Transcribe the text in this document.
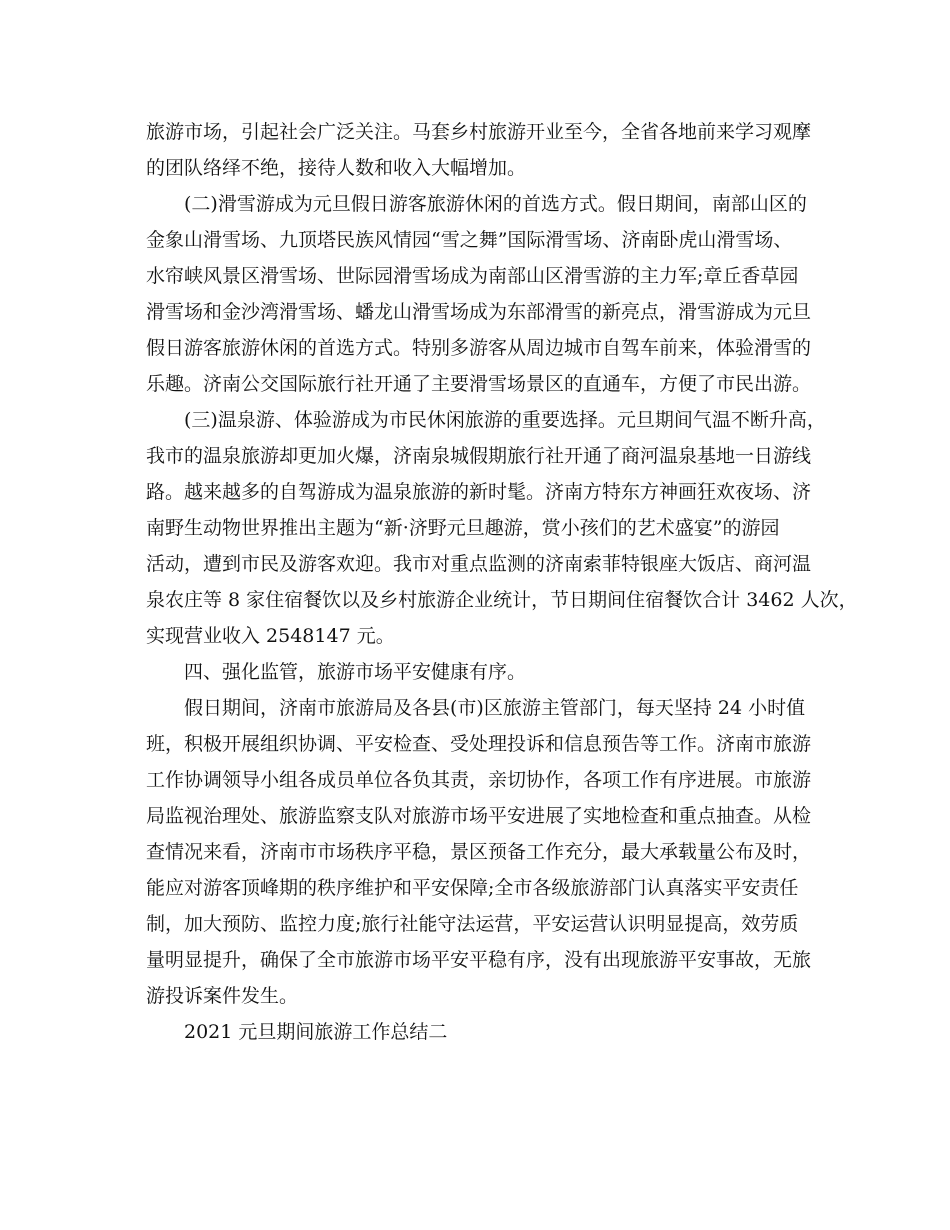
旅游市场，引起社会广泛关注。马套乡村旅游开业至今，全省各地前来学习观摩
的团队络绎不绝，接待人数和收入大幅增加。
(二)滑雪游成为元旦假日游客旅游休闲的首选方式。假日期间，南部山区的
金象山滑雪场、九顶塔民族风情园“雪之舞”国际滑雪场、济南卧虎山滑雪场、
水帘峡风景区滑雪场、世际园滑雪场成为南部山区滑雪游的主力军;章丘香草园
滑雪场和金沙湾滑雪场、蟠龙山滑雪场成为东部滑雪的新亮点，滑雪游成为元旦
假日游客旅游休闲的首选方式。特别多游客从周边城市自驾车前来，体验滑雪的
乐趣。济南公交国际旅行社开通了主要滑雪场景区的直通车，方便了市民出游。
(三)温泉游、体验游成为市民休闲旅游的重要选择。元旦期间气温不断升高，
我市的温泉旅游却更加火爆，济南泉城假期旅行社开通了商河温泉基地一日游线
路。越来越多的自驾游成为温泉旅游的新时髦。济南方特东方神画狂欢夜场、济
南野生动物世界推出主题为“新·济野元旦趣游，赏小孩们的艺术盛宴”的游园
活动，遭到市民及游客欢迎。我市对重点监测的济南索菲特银座大饭店、商河温
泉农庄等 8 家住宿餐饮以及乡村旅游企业统计，节日期间住宿餐饮合计 3462 人次，
实现营业收入 2548147 元。
四、强化监管，旅游市场平安健康有序。
假日期间，济南市旅游局及各县(市)区旅游主管部门，每天坚持 24 小时值
班，积极开展组织协调、平安检查、受处理投诉和信息预告等工作。济南市旅游
工作协调领导小组各成员单位各负其责，亲切协作，各项工作有序进展。市旅游
局监视治理处、旅游监察支队对旅游市场平安进展了实地检查和重点抽查。从检
查情况来看，济南市市场秩序平稳，景区预备工作充分，最大承载量公布及时，
能应对游客顶峰期的秩序维护和平安保障;全市各级旅游部门认真落实平安责任
制，加大预防、监控力度;旅行社能守法运营，平安运营认识明显提高，效劳质
量明显提升，确保了全市旅游市场平安平稳有序，没有出现旅游平安事故，无旅
游投诉案件发生。
2021 元旦期间旅游工作总结二
